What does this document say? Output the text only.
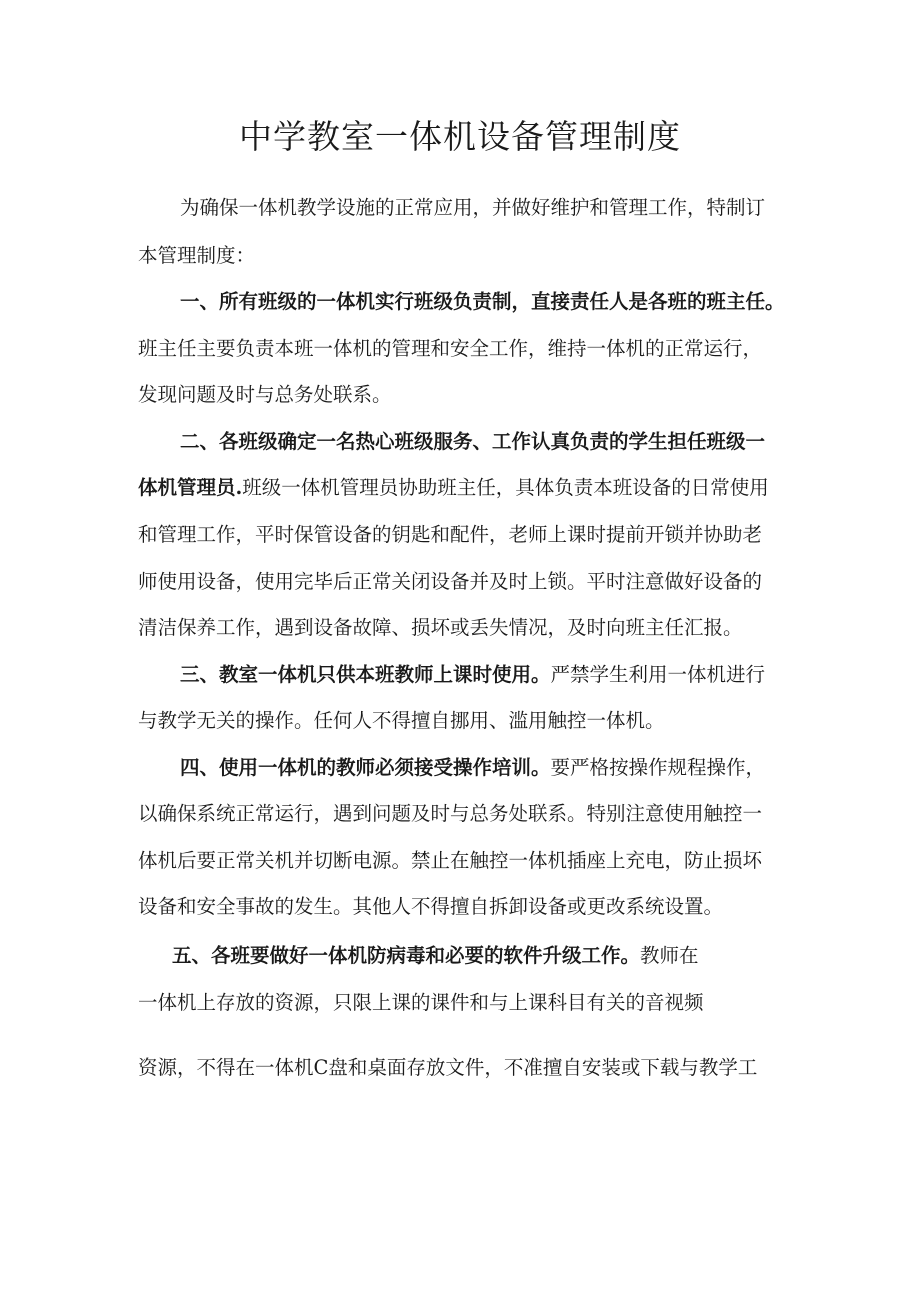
中学教室一体机设备管理制度

为确保一体机教学设施的正常应用，并做好维护和管理工作，特制订

本管理制度：

一、所有班级的一体机实行班级负责制，直接责任人是各班的班主任。

班主任主要负责本班一体机的管理和安全工作，维持一体机的正常运行，

发现问题及时与总务处联系。

二、各班级确定一名热心班级服务、工作认真负责的学生担任班级一

体机管理员.班级一体机管理员协助班主任，具体负责本班设备的日常使用

和管理工作，平时保管设备的钥匙和配件，老师上课时提前开锁并协助老

师使用设备，使用完毕后正常关闭设备并及时上锁。平时注意做好设备的

清洁保养工作，遇到设备故障、损坏或丢失情况，及时向班主任汇报。

三、教室一体机只供本班教师上课时使用。严禁学生利用一体机进行

与教学无关的操作。任何人不得擅自挪用、滥用触控一体机。

四、使用一体机的教师必须接受操作培训。要严格按操作规程操作，

以确保系统正常运行，遇到问题及时与总务处联系。特别注意使用触控一

体机后要正常关机并切断电源。禁止在触控一体机插座上充电，防止损坏

设备和安全事故的发生。其他人不得擅自拆卸设备或更改系统设置。

五、各班要做好一体机防病毒和必要的软件升级工作。教师在

一体机上存放的资源，只限上课的课件和与上课科目有关的音视频

资源，不得在一体机C盘和桌面存放文件，不准擅自安装或下载与教学工
